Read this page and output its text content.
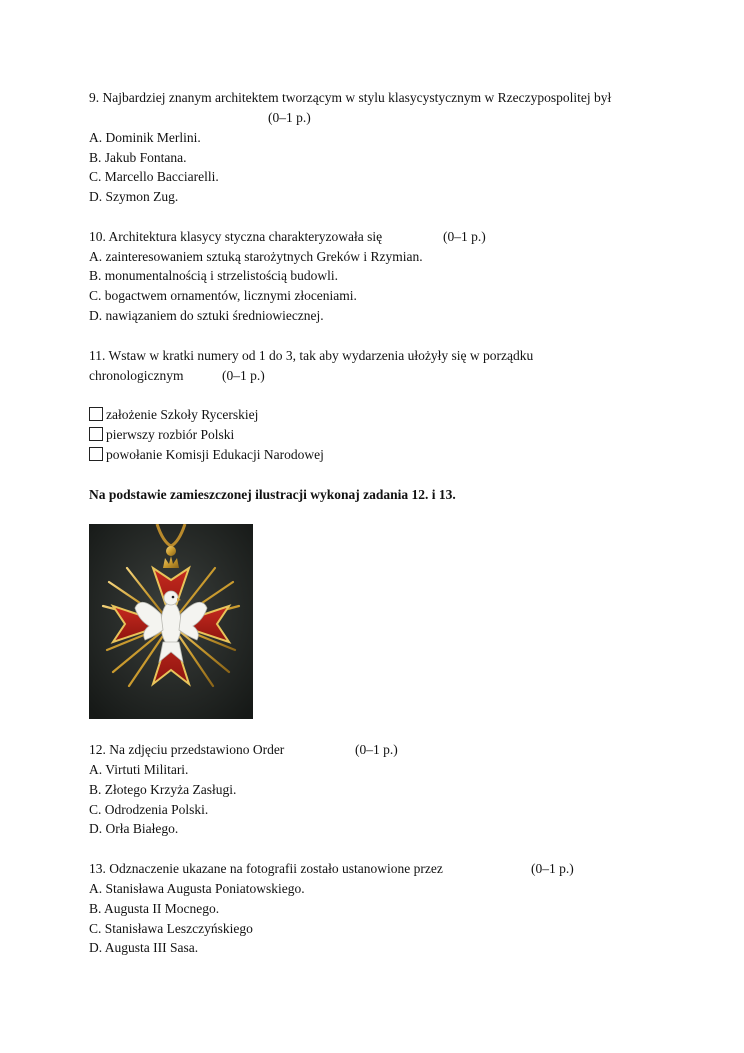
9. Najbardziej znanym architektem tworzącym w stylu klasycystycznym w Rzeczypospolitej był
(0–1 p.)
A. Dominik Merlini.
B. Jakub Fontana.
C. Marcello Bacciarelli.
D. Szymon Zug.
10. Architektura klasycy styczna charakteryzowała się	(0–1 p.)
A. zainteresowaniem sztuką starożytnych Greków i Rzymian.
B. monumentalnością i strzelistością budowli.
C. bogactwem ornamentów, licznymi złoceniami.
D. nawiązaniem do sztuki średniowiecznej.
11. Wstaw w kratki numery od 1 do 3, tak aby wydarzenia ułożyły się w porządku
chronologicznym	(0–1 p.)
założenie Szkoły Rycerskiej
pierwszy rozbiór Polski
powołanie Komisji Edukacji Narodowej
Na podstawie zamieszczonej ilustracji wykonaj zadania 12. i 13.
12. Na zdjęciu przedstawiono Order	(0–1 p.)
A. Virtuti Militari.
B. Złotego Krzyża Zasługi.
C. Odrodzenia Polski.
D. Orła Białego.
13. Odznaczenie ukazane na fotografii zostało ustanowione przez	(0–1 p.)
A. Stanisława Augusta Poniatowskiego.
B. Augusta II Mocnego.
C. Stanisława Leszczyńskiego
D. Augusta III Sasa.
